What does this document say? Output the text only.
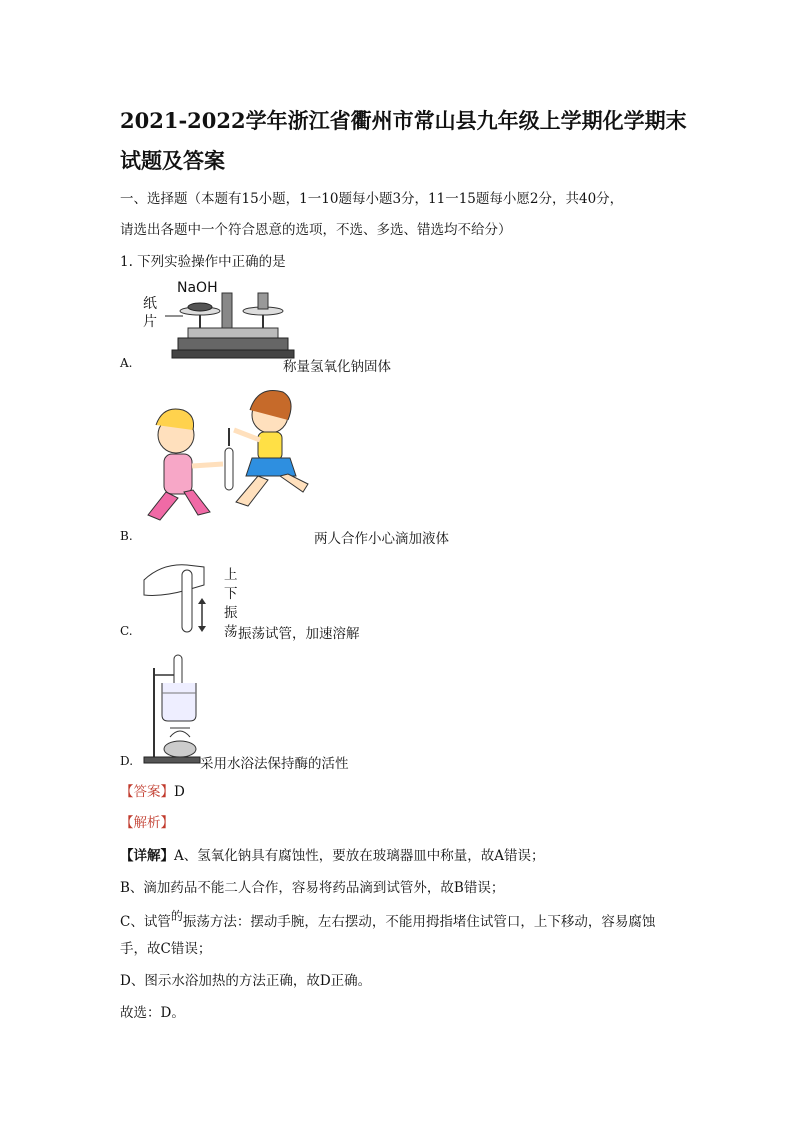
2021-2022学年浙江省衢州市常山县九年级上学期化学期末
试题及答案
一、选择题（本题有15小题，1一10题每小题3分，11一15题每小愿2分，共40分，
请选出各题中一个符合恩意的选项，不选、多选、错选均不给分）
1. 下列实验操作中正确的是
纸
片
NaOH
A.	称量氢氧化钠固体
B.	两人合作小心滴加液体
上
下
振
荡
C.	振荡试管，加速溶解
D.	采用水浴法保持酶的活性
【答案】D
【解析】
【详解】A、氢氧化钠具有腐蚀性，要放在玻璃器皿中称量，故A错误；
B、滴加药品不能二人合作，容易将药品滴到试管外，故B错误；
C、试管的振荡方法：摆动手腕，左右摆动，不能用拇指堵住试管口，上下移动，容易腐蚀
手，故C错误；
D、图示水浴加热的方法正确，故D正确。
故选：D。
